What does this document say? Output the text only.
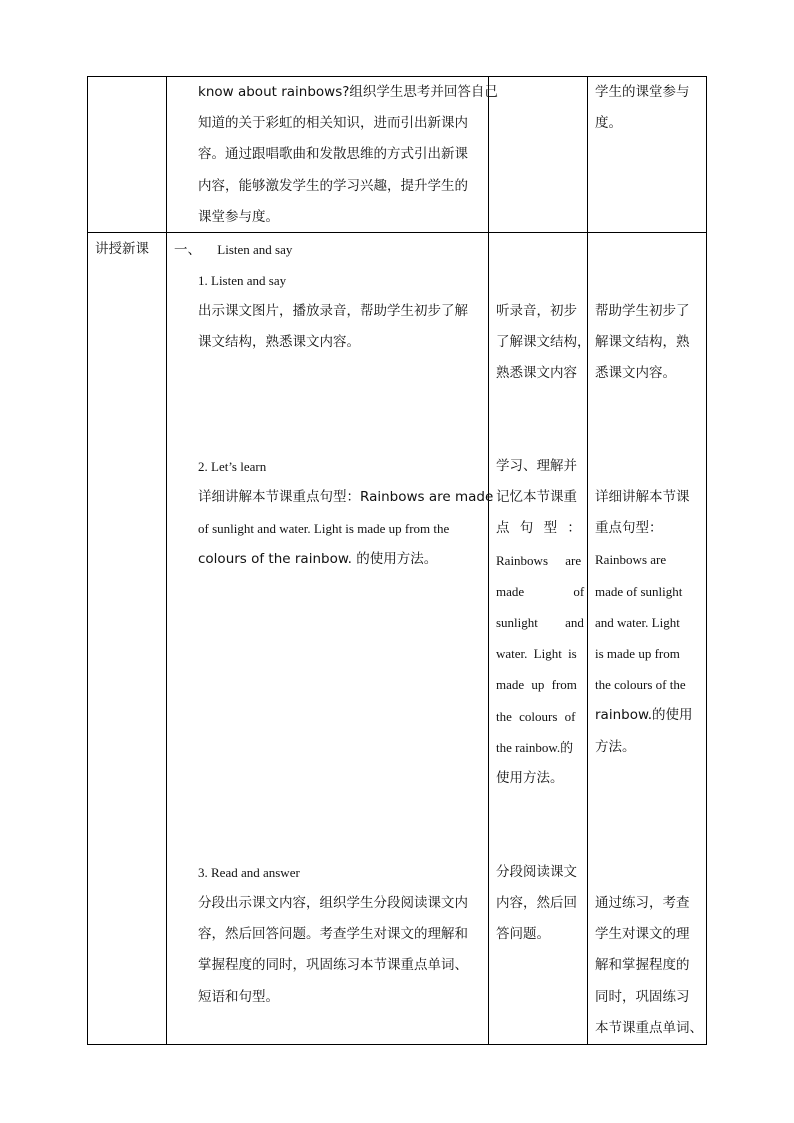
know about rainbows?组织学生思考并回答自己
知道的关于彩虹的相关知识，进而引出新课内
容。通过跟唱歌曲和发散思维的方式引出新课
内容，能够激发学生的学习兴趣，提升学生的
课堂参与度。
学生的课堂参与
度。
讲授新课 一、 Listen and say
1. Listen and say
出示课文图片，播放录音，帮助学生初步了解
课文结构，熟悉课文内容。
听录音，初步
了解课文结构，
熟悉课文内容
帮助学生初步了
解课文结构，熟
悉课文内容。
2. Let’s learn
详细讲解本节课重点句型：Rainbows are made
of sunlight and water. Light is made up from the
colours of the rainbow. 的使用方法。
学习、理解并
记忆本节课重
点 句 型 ：
Rainbows are
made of
sunlight and
water. Light is
made up from
the colours of
the rainbow.的
使用方法。
详细讲解本节课
重点句型：
Rainbows are
made of sunlight
and water. Light
is made up from
the colours of the
rainbow.的使用
方法。
3. Read and answer
分段出示课文内容，组织学生分段阅读课文内
容，然后回答问题。考查学生对课文的理解和
掌握程度的同时，巩固练习本节课重点单词、
短语和句型。
分段阅读课文
内容，然后回
答问题。
通过练习，考查
学生对课文的理
解和掌握程度的
同时，巩固练习
本节课重点单词、
